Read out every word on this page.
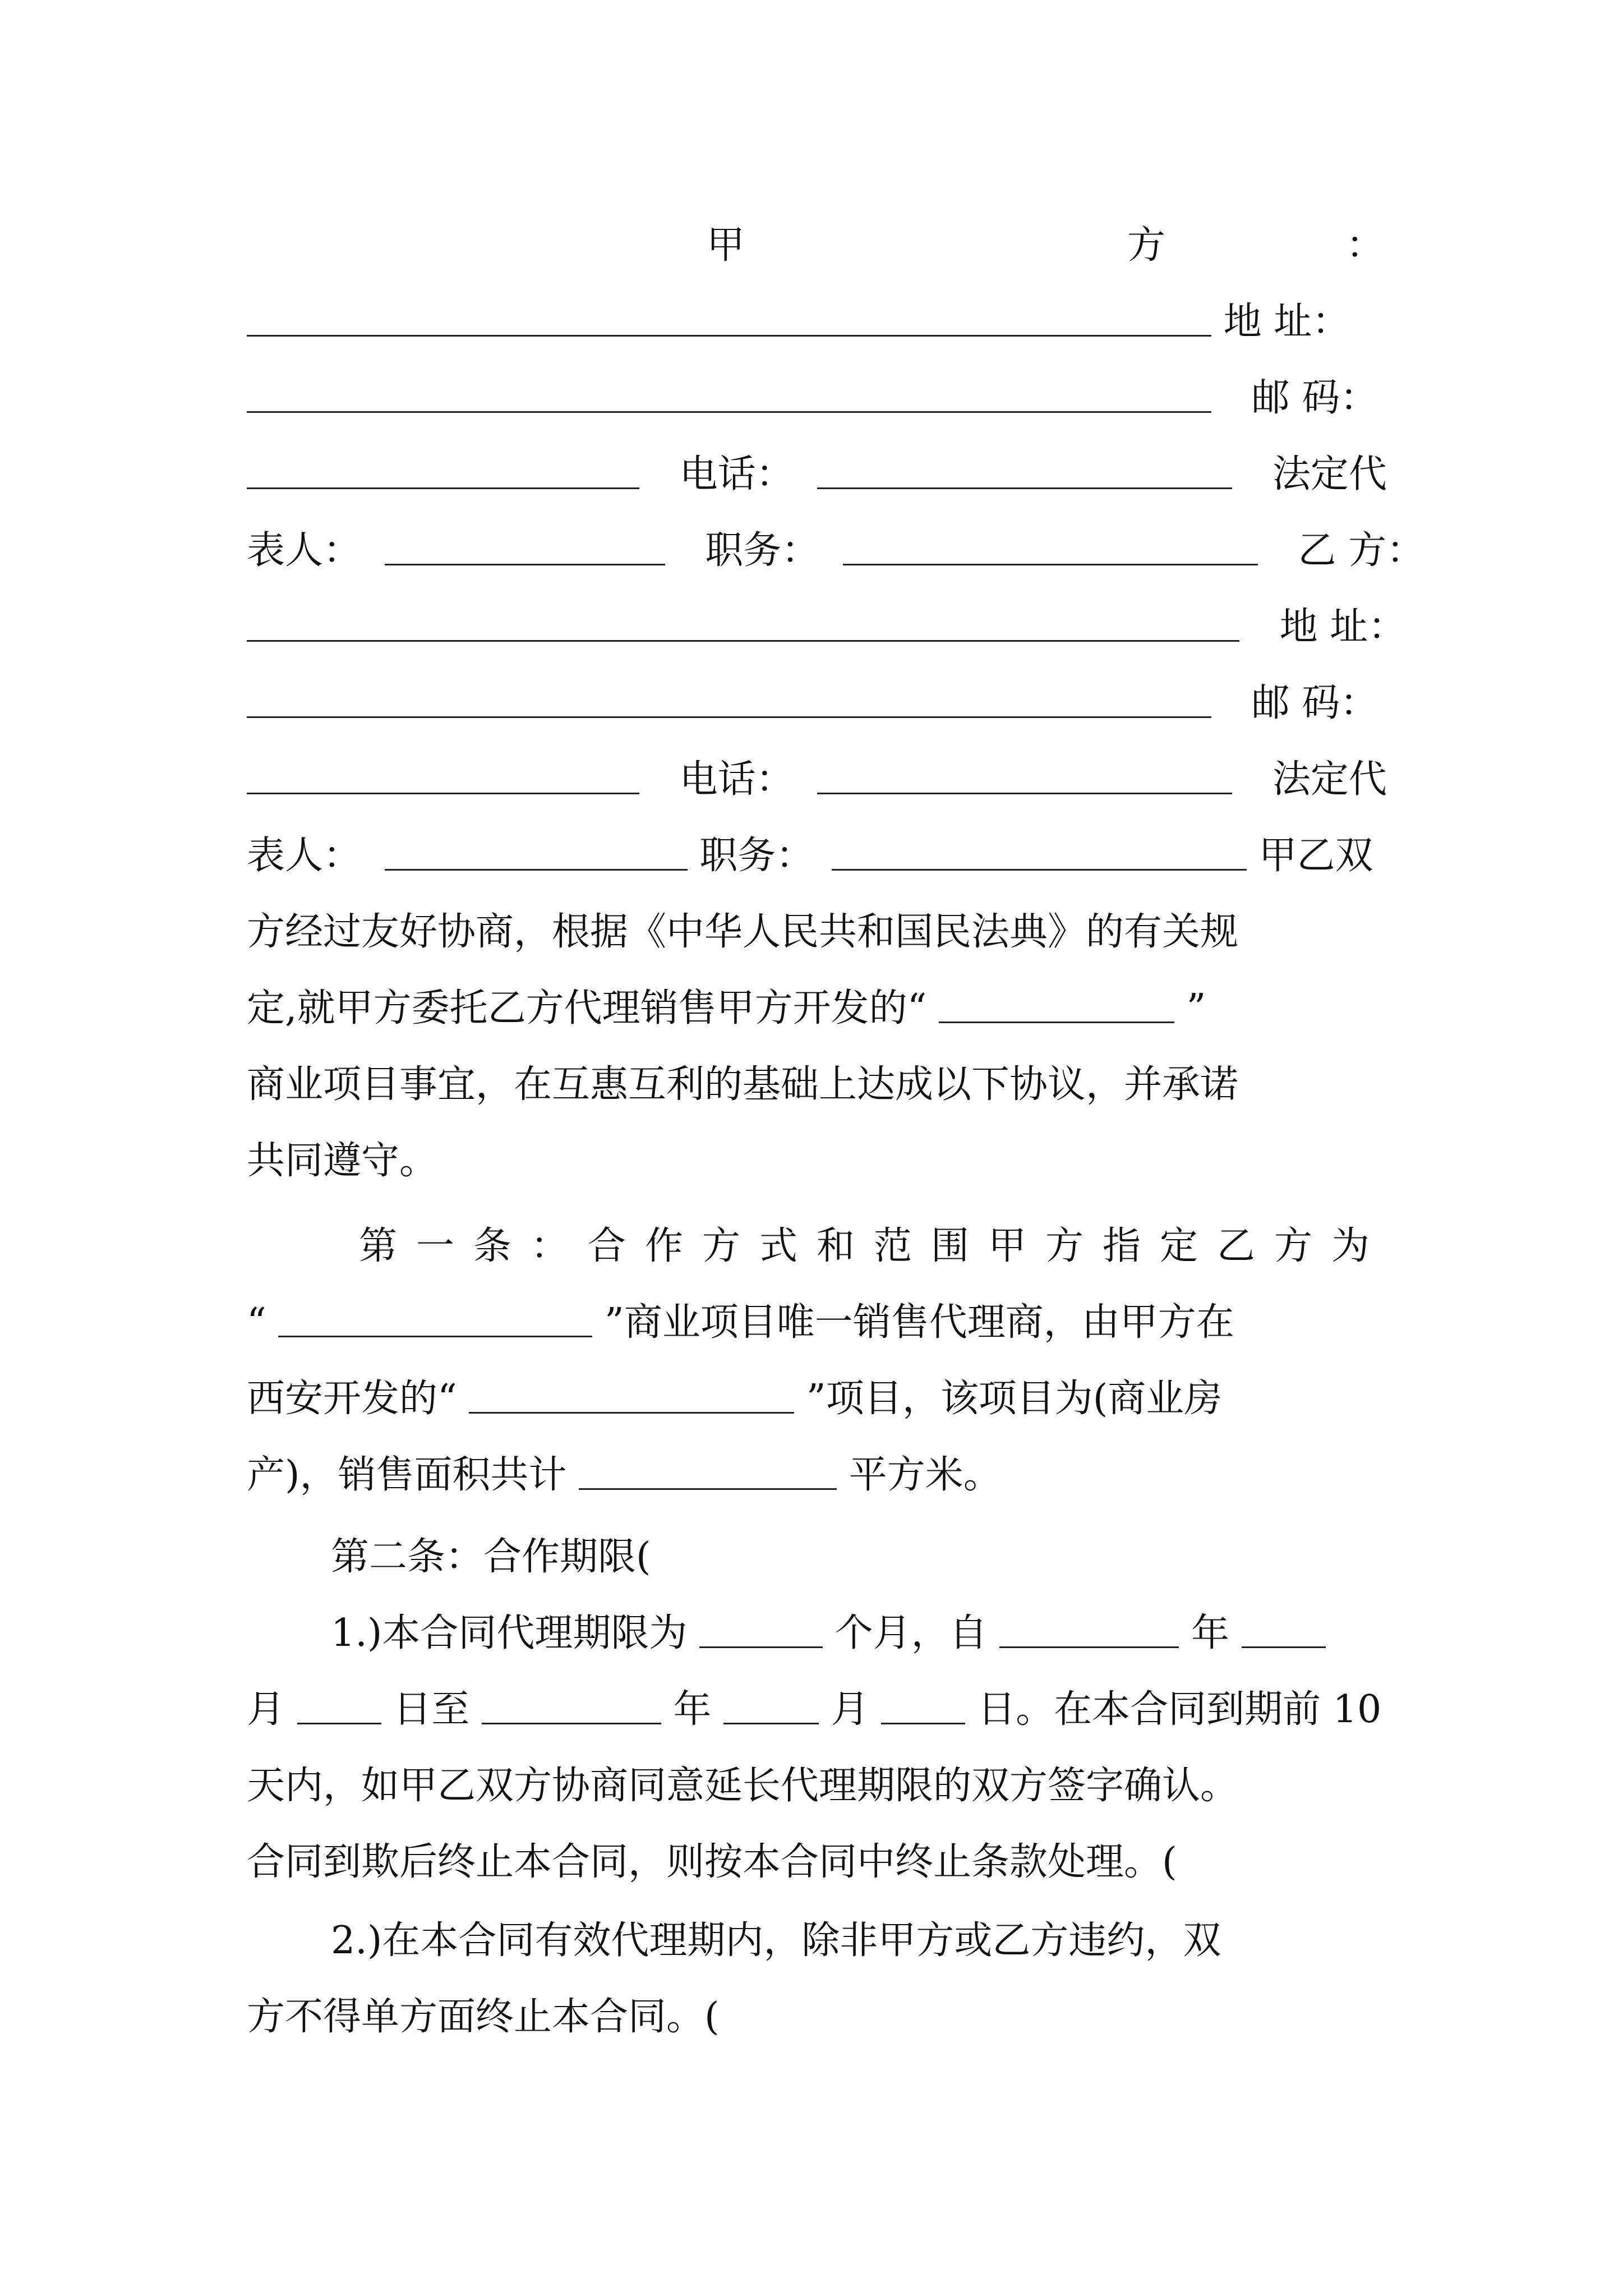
甲	方	：
地 址：
邮 码：
电话：	法定代
表人：	职务：	乙 方：
地 址：
邮 码：
电话：	法定代
表人：	职务：	甲乙双
方经过友好协商，根据《中华人民共和国民法典》的有关规
定,就甲方委托乙方代理销售甲方开发的“	”
商业项目事宜，在互惠互利的基础上达成以下协议，并承诺
共同遵守。
第一条：合作方式和范围甲方指定乙方为
“	”商业项目唯一销售代理商，由甲方在
西安开发的“	”项目，该项目为(商业房
产)，销售面积共计	平方米。
第二条：合作期限(
1.)本合同代理期限为	个月，自	年
月	日至	年	月	日。在本合同到期前 10
天内，如甲乙双方协商同意延长代理期限的双方签字确认。
合同到欺后终止本合同，则按本合同中终止条款处理。(
2.)在本合同有效代理期内，除非甲方或乙方违约，双
方不得单方面终止本合同。(
